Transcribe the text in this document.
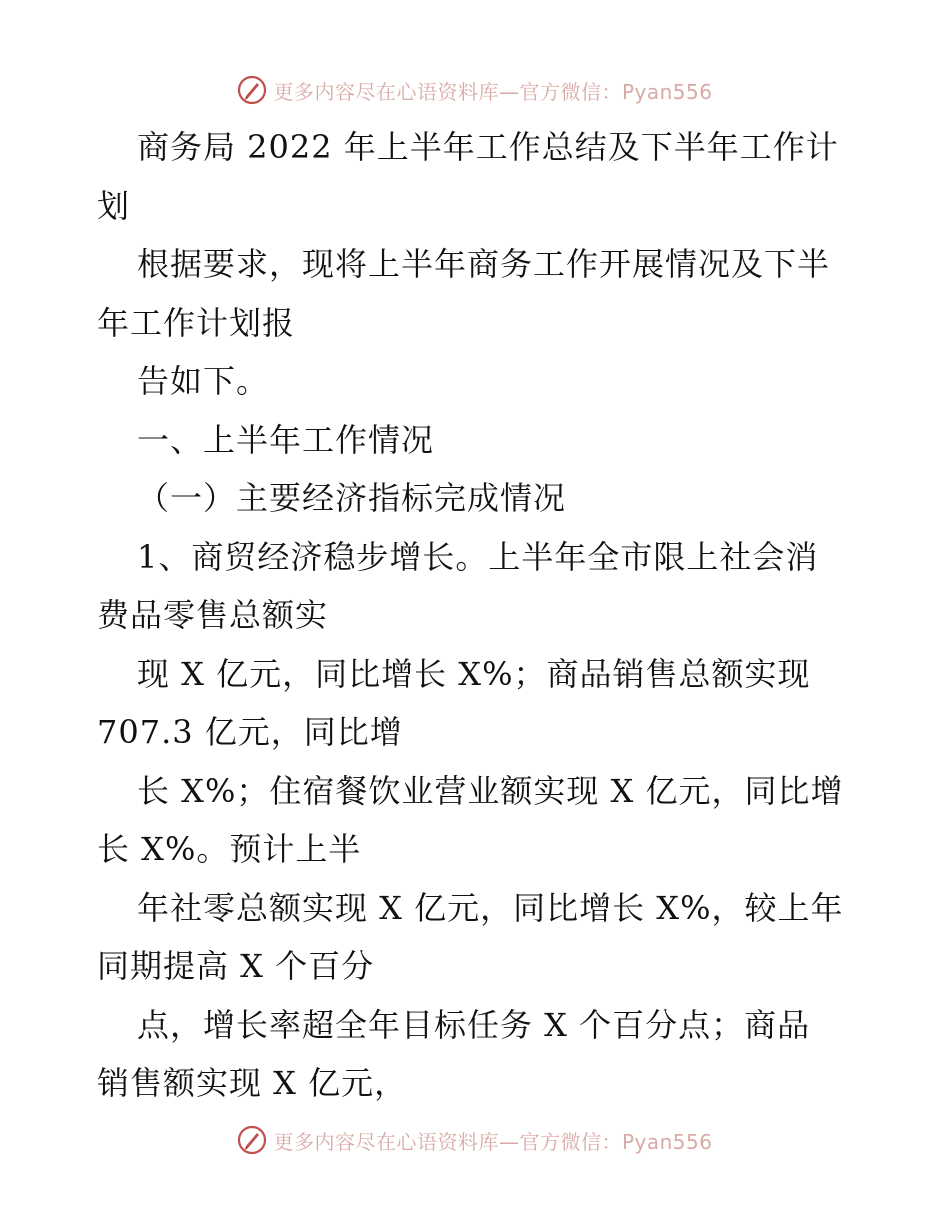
更多内容尽在心语资料库—官方微信：Pyan556
商务局 2022 年上半年工作总结及下半年工作计
划
根据要求，现将上半年商务工作开展情况及下半
年工作计划报
告如下。
一、上半年工作情况
（一）主要经济指标完成情况
1、商贸经济稳步增长。上半年全市限上社会消
费品零售总额实
现 X 亿元，同比增长 X%；商品销售总额实现
707.3 亿元，同比增
长 X%；住宿餐饮业营业额实现 X 亿元，同比增
长 X%。预计上半
年社零总额实现 X 亿元，同比增长 X%，较上年
同期提高 X 个百分
点，增长率超全年目标任务 X 个百分点；商品
销售额实现 X 亿元，
更多内容尽在心语资料库—官方微信：Pyan556
